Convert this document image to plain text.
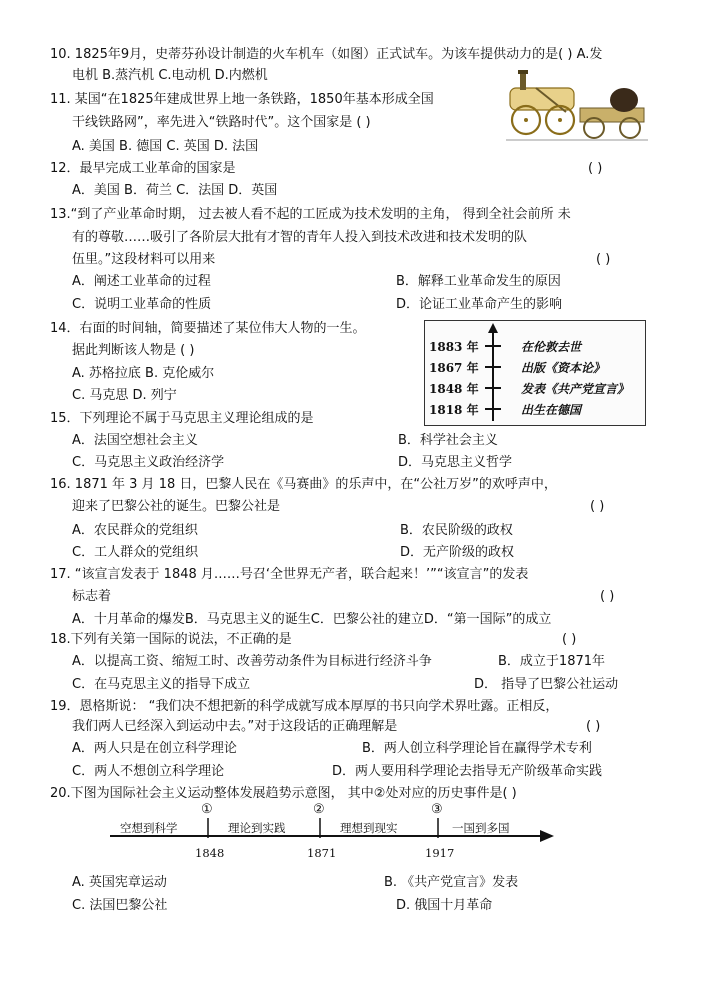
10. 1825年9月，史蒂芬孙设计制造的火车机车（如图）正式试车。为该车提供动力的是( ) A.发
电机 B.蒸汽机 C.电动机 D.内燃机
11. 某国“在1825年建成世界上地一条铁路，1850年基本形成全国
干线铁路网”，率先进入“铁路时代”。这个国家是 ( )
A. 美国 B. 德国 C. 英国 D. 法国
12．最早完成工业革命的国家是	( )
A．美国 B．荷兰 C．法国 D．英国
13.“到了产业革命时期， 过去被人看不起的工匠成为技术发明的主角， 得到全社会前所 未
有的尊敬……吸引了各阶层大批有才智的青年人投入到技术改进和技术发明的队
伍里。”这段材料可以用来	( )
A．阐述工业革命的过程	B．解释工业革命发生的原因
C．说明工业革命的性质	D．论证工业革命产生的影响
14．右面的时间轴，简要描述了某位伟大人物的一生。
据此判断该人物是 ( )
A. 苏格拉底 B. 克伦威尔
C. 马克思 D. 列宁
1883 年	在伦敦去世
1867 年	出版《资本论》
1848 年	发表《共产党宣言》
1818 年	出生在德国
15．下列理论不属于马克思主义理论组成的是
A．法国空想社会主义	B．科学社会主义
C．马克思主义政治经济学	D．马克思主义哲学
16. 1871 年 3 月 18 日，巴黎人民在《马赛曲》的乐声中，在“公社万岁”的欢呼声中，
迎来了巴黎公社的诞生。巴黎公社是	( )
A．农民群众的党组织	B．农民阶级的政权
C．工人群众的党组织	D．无产阶级的政权
17. “该宣言发表于 1848 月……号召‘全世界无产者，联合起来！’”“该宣言”的发表
标志着	( )
A．十月革命的爆发B．马克思主义的诞生C．巴黎公社的建立D．“第一国际”的成立
18.下列有关第一国际的说法，不正确的是	( )
A．以提高工资、缩短工时、改善劳动条件为目标进行经济斗争	B．成立于1871年
C．在马克思主义的指导下成立	D． 指导了巴黎公社运动
19．恩格斯说： “我们决不想把新的科学成就写成本厚厚的书只向学术界吐露。正相反，
我们两人已经深入到运动中去。”对于这段话的正确理解是	( )
A．两人只是在创立科学理论	B．两人创立科学理论旨在赢得学术专利
C．两人不想创立科学理论	D．两人要用科学理论去指导无产阶级革命实践
20.下图为国际社会主义运动整体发展趋势示意图， 其中②处对应的历史事件是( )
空想到科学	理论到实践	理想到现实	一国到多国
①	②	③
1848	1871	1917
A. 英国宪章运动	B. 《共产党宣言》发表
C. 法国巴黎公社	D. 俄国十月革命
